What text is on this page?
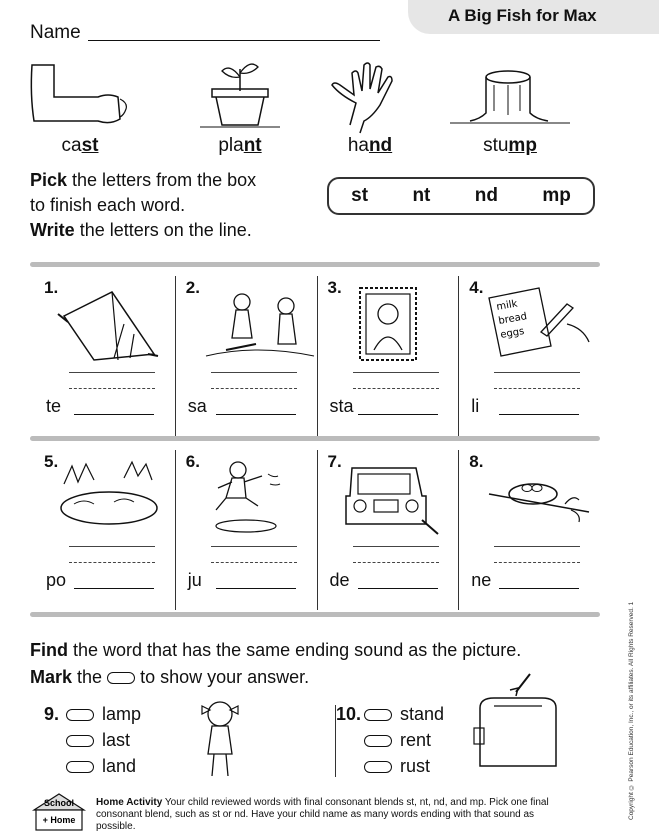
A Big Fish for Max
Name
cast	plant	hand	stump
Pick the letters from the box
to finish each word.
Write the letters on the line.
st nt nd mp
1.
te
2.
sa
3.
sta
4.
milk
bread
eggs
li
5.
po
6.
ju
7.
de
8.
ne
Find the word that has the same ending sound as the picture.
Mark the  to show your answer.
9.	lamp
last
land
10.	stand
rent
rust
School
+ Home
Home Activity Your child reviewed words with final consonant blends st, nt, nd, and mp. Pick one final consonant blend, such as st or nd. Have your child name as many words ending with that sound as possible.
Copyright © Pearson Education, Inc., or its affiliates. All Rights Reserved. 1
